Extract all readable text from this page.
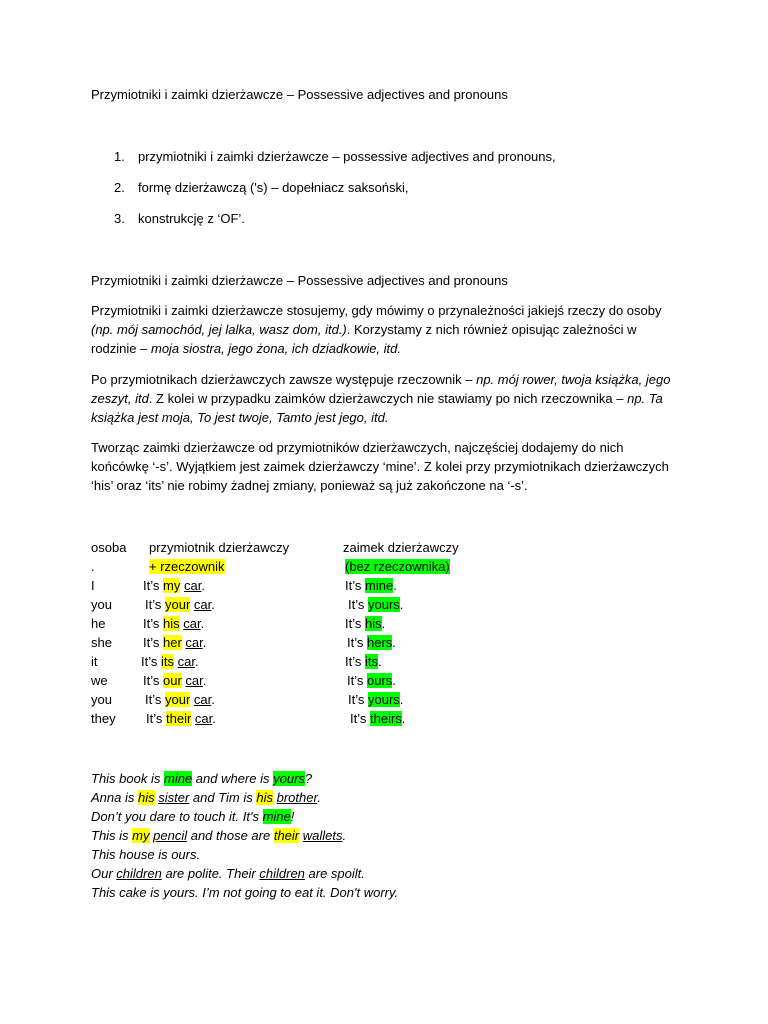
Przymiotniki i zaimki dzierżawcze – Possessive adjectives and pronouns
1. przymiotniki i zaimki dzierżawcze – possessive adjectives and pronouns,
2. formę dzierżawczą ('s) – dopełniacz saksoński,
3. konstrukcję z ‘OF’.
Przymiotniki i zaimki dzierżawcze – Possessive adjectives and pronouns

Przymiotniki i zaimki dzierżawcze stosujemy, gdy mówimy o przynależności jakiejś rzeczy do osoby (np. mój samochód, jej lalka, wasz dom, itd.). Korzystamy z nich również opisując zależności w rodzinie – moja siostra, jego żona, ich dziadkowie, itd.

Po przymiotnikach dzierżawczych zawsze występuje rzeczownik – np. mój rower, twoja książka, jego zeszyt, itd. Z kolei w przypadku zaimków dzierżawczych nie stawiamy po nich rzeczownika – np. Ta książka jest moja, To jest twoje, Tamto jest jego, itd.

Tworząc zaimki dzierżawcze od przymiotników dzierżawczych, najczęściej dodajemy do nich końcówkę ‘-s’. Wyjątkiem jest zaimek dzierżawczy ‘mine’. Z kolei przy przymiotnikach dzierżawczych ‘his’ oraz ‘its’ nie robimy żadnej zmiany, ponieważ są już zakończone na ‘-s’.

osoba przymiotnik dzierżawczy	zaimek dzierżawczy
.	+ rzeczownik	(bez rzeczownika)
I	It’s my car.	It’s mine.
you	It’s your car.	It’s yours.
he	It’s his car.	It’s his.
she It’s her car.	It’s hers.
it	It’s its car.	It’s its.
we	It’s our car.	It’s ours.
you	It’s your car.	It’s yours.
they It’s their car.	It’s theirs.
This book is mine and where is yours?
Anna is his sister and Tim is his brother.
Don’t you dare to touch it. It's mine!
This is my pencil and those are their wallets.
This house is ours.
Our children are polite. Their children are spoilt.
This cake is yours. I’m not going to eat it. Don't worry.
